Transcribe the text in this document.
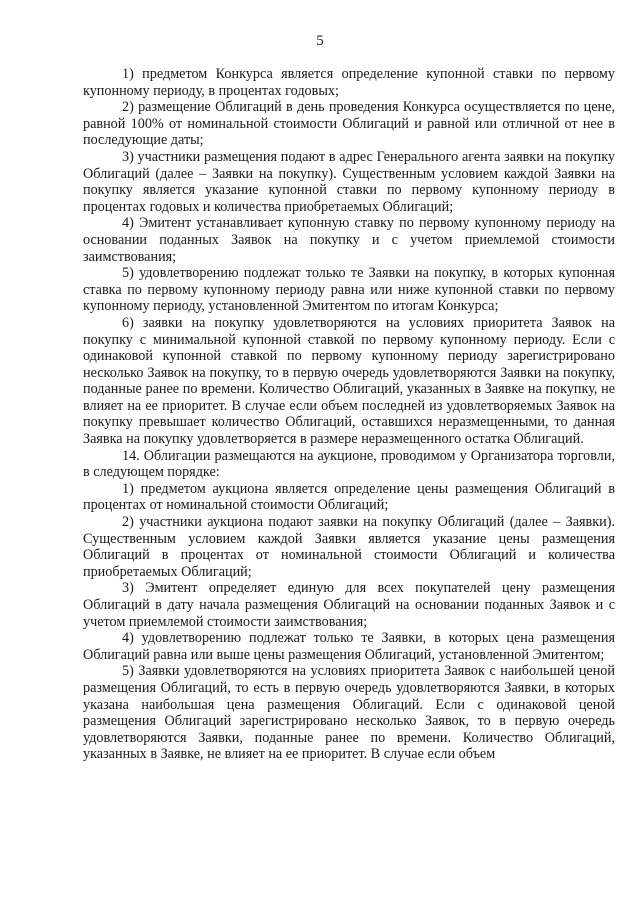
5

1) предметом Конкурса является определение купонной ставки по первому купонному периоду, в процентах годовых;

2) размещение Облигаций в день проведения Конкурса осуществляется по цене, равной 100% от номинальной стоимости Облигаций и равной или отличной от нее в последующие даты;

3) участники размещения подают в адрес Генерального агента заявки на покупку Облигаций (далее – Заявки на покупку). Существенным условием каждой Заявки на покупку является указание купонной ставки по первому купонному периоду в процентах годовых и количества приобретаемых Облигаций;

4) Эмитент устанавливает купонную ставку по первому купонному периоду на основании поданных Заявок на покупку и с учетом приемлемой стоимости заимствования;

5) удовлетворению подлежат только те Заявки на покупку, в которых купонная ставка по первому купонному периоду равна или ниже купонной ставки по первому купонному периоду, установленной Эмитентом по итогам Конкурса;

6) заявки на покупку удовлетворяются на условиях приоритета Заявок на покупку с минимальной купонной ставкой по первому купонному периоду. Если с одинаковой купонной ставкой по первому купонному периоду зарегистрировано несколько Заявок на покупку, то в первую очередь удовлетворяются Заявки на покупку, поданные ранее по времени. Количество Облигаций, указанных в Заявке на покупку, не влияет на ее приоритет. В случае если объем последней из удовлетворяемых Заявок на покупку превышает количество Облигаций, оставшихся неразмещенными, то данная Заявка на покупку удовлетворяется в размере неразмещенного остатка Облигаций.

14. Облигации размещаются на аукционе, проводимом у Организатора торговли, в следующем порядке:

1) предметом аукциона является определение цены размещения Облигаций в процентах от номинальной стоимости Облигаций;

2) участники аукциона подают заявки на покупку Облигаций (далее – Заявки). Существенным условием каждой Заявки является указание цены размещения Облигаций в процентах от номинальной стоимости Облигаций и количества приобретаемых Облигаций;

3) Эмитент определяет единую для всех покупателей цену размещения Облигаций в дату начала размещения Облигаций на основании поданных Заявок и с учетом приемлемой стоимости заимствования;

4) удовлетворению подлежат только те Заявки, в которых цена размещения Облигаций равна или выше цены размещения Облигаций, установленной Эмитентом;

5) Заявки удовлетворяются на условиях приоритета Заявок с наибольшей ценой размещения Облигаций, то есть в первую очередь удовлетворяются Заявки, в которых указана наибольшая цена размещения Облигаций. Если с одинаковой ценой размещения Облигаций зарегистрировано несколько Заявок, то в первую очередь удовлетворяются Заявки, поданные ранее по времени. Количество Облигаций, указанных в Заявке, не влияет на ее приоритет. В случае если объем
